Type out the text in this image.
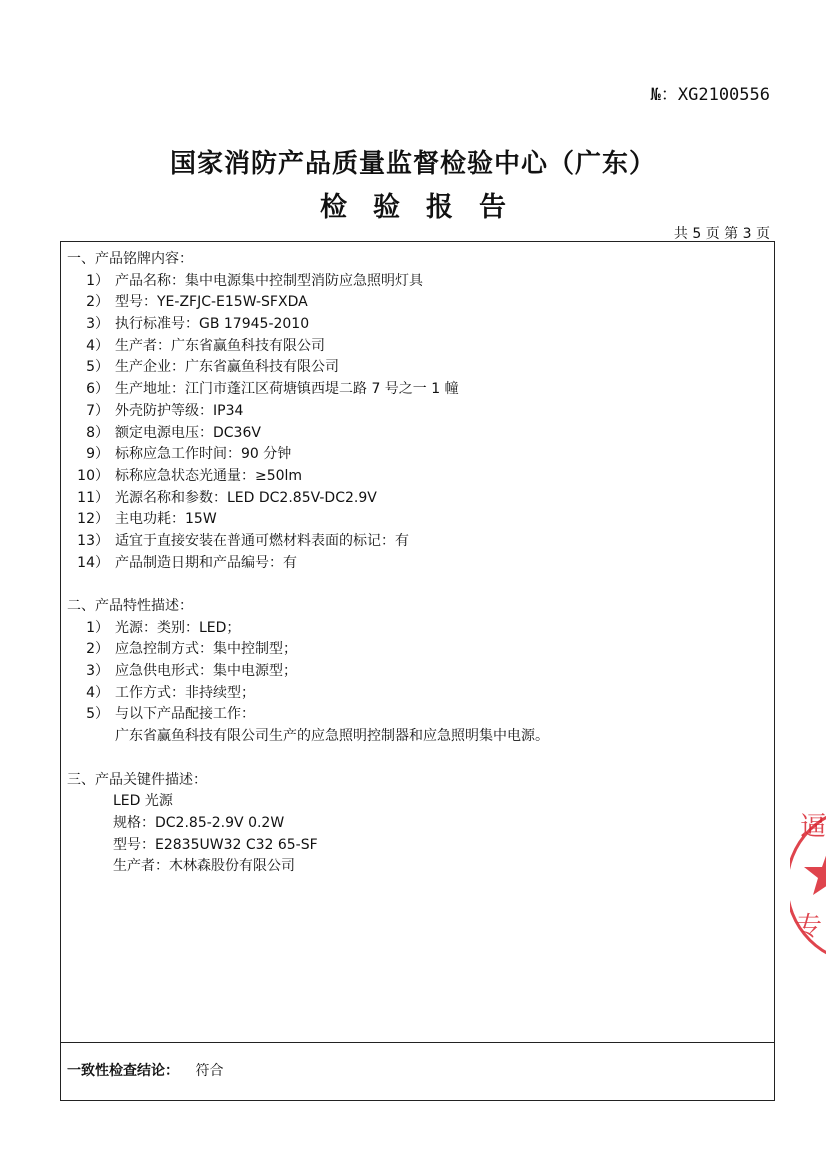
№：XG2100556
国家消防产品质量监督检验中心（广东）
检验报告
共 5 页 第 3 页
一、产品铭牌内容：
1） 产品名称：集中电源集中控制型消防应急照明灯具
2） 型号：YE-ZFJC-E15W-SFXDA
3） 执行标准号：GB 17945-2010
4） 生产者：广东省赢鱼科技有限公司
5） 生产企业：广东省赢鱼科技有限公司
6） 生产地址：江门市蓬江区荷塘镇西堤二路 7 号之一 1 幢
7） 外壳防护等级：IP34
8） 额定电源电压：DC36V
9） 标称应急工作时间：90 分钟
10） 标称应急状态光通量：≥50lm
11） 光源名称和参数：LED DC2.85V-DC2.9V
12） 主电功耗：15W
13） 适宜于直接安装在普通可燃材料表面的标记：有
14） 产品制造日期和产品编号：有
二、产品特性描述：
1） 光源：类别：LED；
2） 应急控制方式：集中控制型；
3） 应急供电形式：集中电源型；
4） 工作方式：非持续型；
5） 与以下产品配接工作：
广东省赢鱼科技有限公司生产的应急照明控制器和应急照明集中电源。
三、产品关键件描述：
LED 光源
规格：DC2.85-2.9V 0.2W
型号：E2835UW32 C32 65-SF
生产者：木林森股份有限公司
一致性检查结论： 符合
逼
专
